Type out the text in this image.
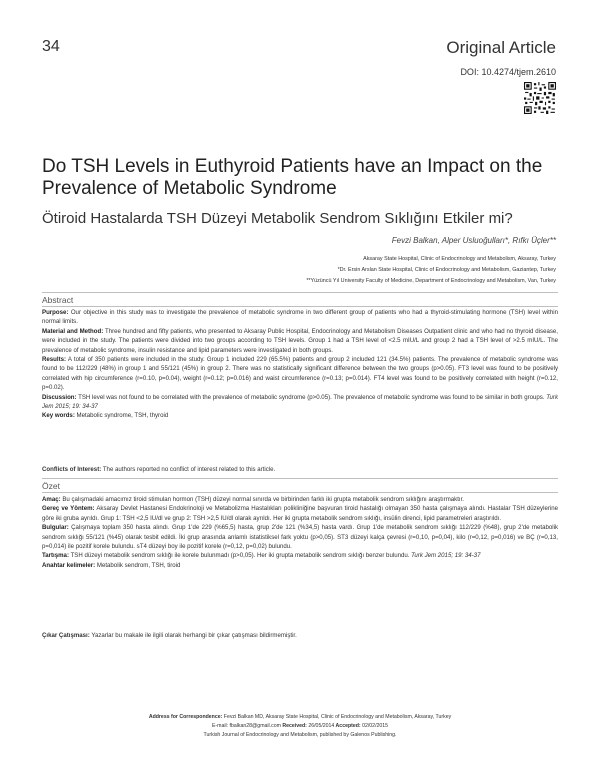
34	Original Article
DOI: 10.4274/tjem.2610
Do TSH Levels in Euthyroid Patients have an Impact on the Prevalence of Metabolic Syndrome
Ötiroid Hastalarda TSH Düzeyi Metabolik Sendrom Sıklığını Etkiler mi?
Fevzi Balkan, Alper Usluoğulları*, Rıfkı Üçler**
Aksaray State Hospital, Clinic of Endocrinology and Metabolism, Aksaray, Turkey
*Dr. Ersin Arslan State Hospital, Clinic of Endocrinology and Metabolism, Gaziantep, Turkey
**Yüzüncü Yıl University Faculty of Medicine, Department of Endocrinology and Metabolism, Van, Turkey
Abstract

Purpose: Our objective in this study was to investigate the prevalence of metabolic syndrome in two different group of patients who had a thyroid-stimulating hormone (TSH) level within normal limits.

Material and Method: Three hundred and fifty patients, who presented to Aksaray Public Hospital, Endocrinology and Metabolism Diseases Outpatient clinic and who had no thyroid disease, were included in the study. The patients were divided into two groups according to TSH levels. Group 1 had a TSH level of <2.5 mIU/L and group 2 had a TSH level of >2.5 mIU/L. The prevalence of metabolic syndrome, insulin resistance and lipid parameters were investigated in both groups.

Results: A total of 350 patients were included in the study. Group 1 included 229 (65.5%) patients and group 2 included 121 (34.5%) patients. The prevalence of metabolic syndrome was found to be 112/229 (48%) in group 1 and 55/121 (45%) in group 2. There was no statistically significant difference between the two groups (p>0.05). FT3 level was found to be positively correlated with hip circumference (r=0.10, p=0.04), weight (r=0.12; p=0.016) and waist circumference (r=0.13; p=0.014). FT4 level was found to be positively correlated with height (r=0.12, p=0.02).

Discussion: TSH level was not found to be correlated with the prevalence of metabolic syndrome (p>0.05). The prevalence of metabolic syndrome was found to be similar in both groups. Turk Jem 2015; 19: 34-37

Key words: Metabolic syndrome, TSH, thyroid

Conflicts of Interest: The authors reported no conflict of interest related to this article.
Özet

Amaç: Bu çalışmadaki amacımız tiroid stimulan hormon (TSH) düzeyi normal sınırda ve birbirinden farklı iki grupta metabolik sendrom sıklığını araştırmaktır.

Gereç ve Yöntem: Aksaray Devlet Hastanesi Endokrinoloji ve Metabolizma Hastalıkları polikliniğine başvuran tiroid hastalığı olmayan 350 hasta çalışmaya alındı. Hastalar TSH düzeylerine göre iki gruba ayrıldı. Grup 1: TSH <2,5 IU/dl ve grup 2: TSH >2,5 IU/dl olarak ayrıldı. Her iki grupta metabolik sendrom sıklığı, insülin direnci, lipid parametreleri araştırıldı.

Bulgular: Çalışmaya toplam 350 hasta alındı. Grup 1'de 229 (%65,5) hasta, grup 2'de 121 (%34,5) hasta vardı. Grup 1'de metabolik sendrom sıklığı 112/229 (%48), grup 2'de metabolik sendrom sıklığı 55/121 (%45) olarak tesbit edildi. İki grup arasında anlamlı istatistiksel fark yoktu (p>0,05). ST3 düzeyi kalça çevresi (r=0,10, p=0,04), kilo (r=0,12, p=0,016) ve BÇ (r=0,13, p=0,014) ile pozitif korele bulundu. sT4 düzeyi boy ile pozitif korele (r=0,12, p=0,02) bulundu.

Tartışma: TSH düzeyi metabolik sendrom sıklığı ile korele bulunmadı (p>0,05). Her iki grupta metabolik sendrom sıklığı benzer bulundu. Turk Jem 2015; 19: 34-37

Anahtar kelimeler: Metabolik sendrom, TSH, tiroid

Çıkar Çatışması: Yazarlar bu makale ile ilgili olarak herhangi bir çıkar çatışması bildirmemiştir.
Address for Correspondence: Fevzi Balkan MD, Aksaray State Hospital, Clinic of Endocrinology and Metabolism, Aksaray, Turkey
E-mail: fbalkan28@gmail.com Received: 26/05/2014 Accepted: 02/02/2015
Turkish Journal of Endocrinology and Metabolism, published by Galenos Publishing.
